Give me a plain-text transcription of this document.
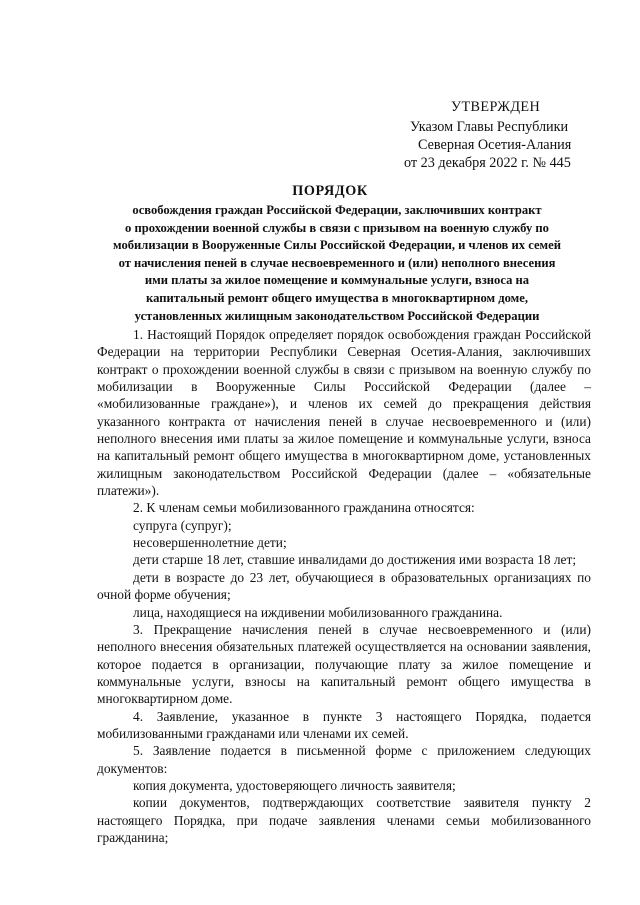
УТВЕРЖДЕН
Указом Главы Республики
Северная Осетия-Алания
от 23 декабря 2022 г. № 445
ПОРЯДОК
освобождения граждан Российской Федерации, заключивших контракт
о прохождении военной службы в связи с призывом на военную службу по
мобилизации в Вооруженные Силы Российской Федерации, и членов их семей
от начисления пеней в случае несвоевременного и (или) неполного внесения
ими платы за жилое помещение и коммунальные услуги, взноса на
капитальный ремонт общего имущества в многоквартирном доме,
установленных жилищным законодательством Российской Федерации

1. Настоящий Порядок определяет порядок освобождения граждан Российской Федерации на территории Республики Северная Осетия-Алания, заключивших контракт о прохождении военной службы в связи с призывом на военную службу по мобилизации в Вооруженные Силы Российской Федерации (далее – «мобилизованные граждане»), и членов их семей до прекращения действия указанного контракта от начисления пеней в случае несвоевременного и (или) неполного внесения ими платы за жилое помещение и коммунальные услуги, взноса на капитальный ремонт общего имущества в многоквартирном доме, установленных жилищным законодательством Российской Федерации (далее – «обязательные платежи»).

2. К членам семьи мобилизованного гражданина относятся:

супруга (супруг);

несовершеннолетние дети;

дети старше 18 лет, ставшие инвалидами до достижения ими возраста 18 лет;

дети в возрасте до 23 лет, обучающиеся в образовательных организациях по очной форме обучения;

лица, находящиеся на иждивении мобилизованного гражданина.

3. Прекращение начисления пеней в случае несвоевременного и (или) неполного внесения обязательных платежей осуществляется на основании заявления, которое подается в организации, получающие плату за жилое помещение и коммунальные услуги, взносы на капитальный ремонт общего имущества в многоквартирном доме.

4. Заявление, указанное в пункте 3 настоящего Порядка, подается мобилизованными гражданами или членами их семей.

5. Заявление подается в письменной форме с приложением следующих документов:

копия документа, удостоверяющего личность заявителя;

копии документов, подтверждающих соответствие заявителя пункту 2 настоящего Порядка, при подаче заявления членами семьи мобилизованного гражданина;
